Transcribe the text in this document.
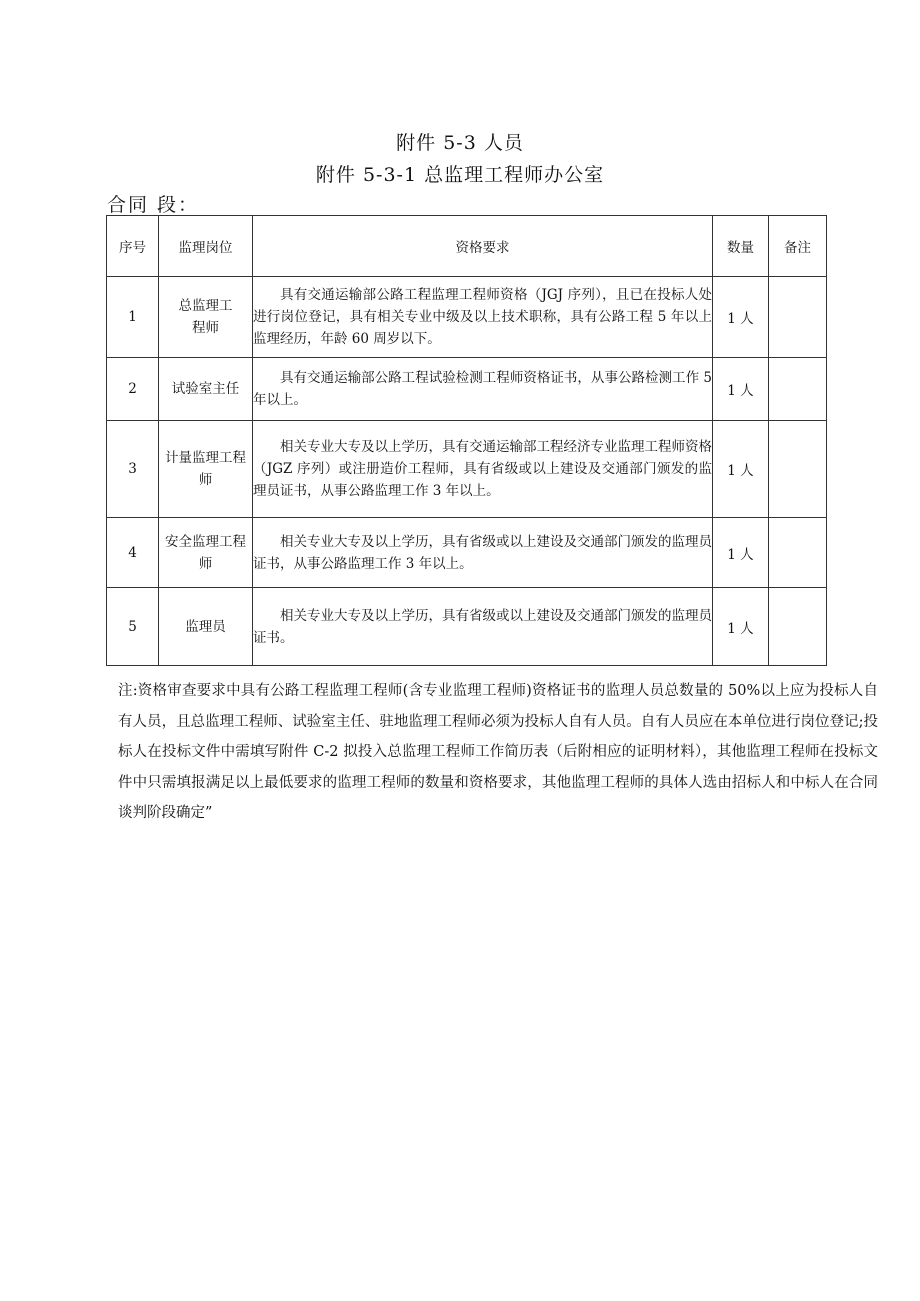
附件 5-3 人员
附件 5-3-1 总监理工程师办公室
合同 段：
序号	监理岗位	资格要求	数量	备注
1	总监理工程师	具有交通运输部公路工程监理工程师资格（JGJ 序列），且已在投标人处进行岗位登记，具有相关专业中级及以上技术职称，具有公路工程 5 年以上监理经历，年龄 60 周岁以下。	1 人	
2	试验室主任	具有交通运输部公路工程试验检测工程师资格证书，从事公路检测工作 5 年以上。	1 人	
3	计量监理工程师	相关专业大专及以上学历，具有交通运输部工程经济专业监理工程师资格（JGZ 序列）或注册造价工程师，具有省级或以上建设及交通部门颁发的监理员证书，从事公路监理工作 3 年以上。	1 人	
4	安全监理工程师	相关专业大专及以上学历，具有省级或以上建设及交通部门颁发的监理员证书，从事公路监理工作 3 年以上。	1 人	
5	监理员	相关专业大专及以上学历，具有省级或以上建设及交通部门颁发的监理员证书。	1 人	
注:资格审查要求中具有公路工程监理工程师(含专业监理工程师)资格证书的监理人员总数量的 50%以上应为投标人自有人员，且总监理工程师、试验室主任、驻地监理工程师必须为投标人自有人员。自有人员应在本单位进行岗位登记;投标人在投标文件中需填写附件 C-2 拟投入总监理工程师工作简历表（后附相应的证明材料），其他监理工程师在投标文件中只需填报满足以上最低要求的监理工程师的数量和资格要求，其他监理工程师的具体人选由招标人和中标人在合同谈判阶段确定”
